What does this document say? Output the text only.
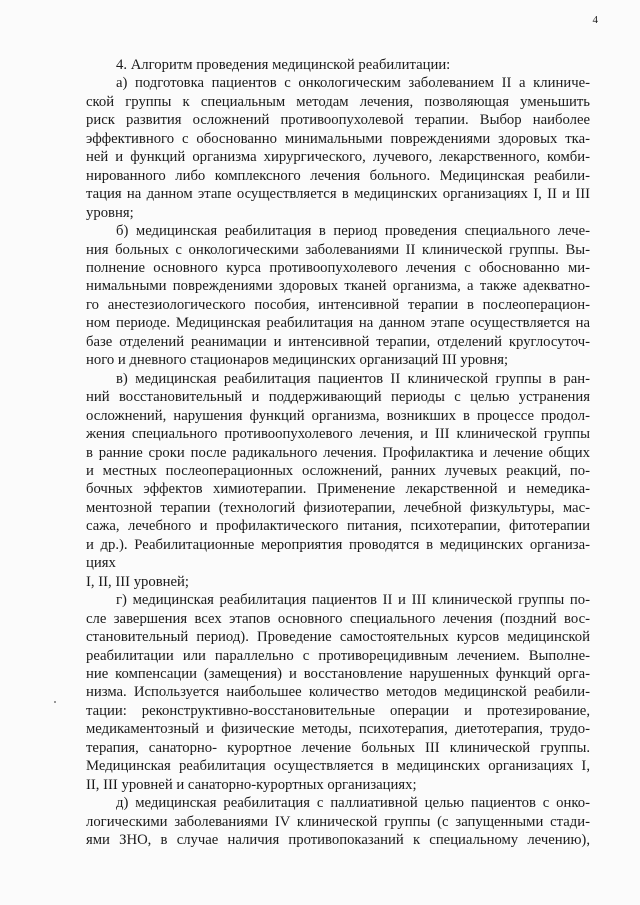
4
4. Алгоритм проведения медицинской реабилитации:
а) подготовка пациентов с онкологическим заболеванием II а клиниче-
ской группы к специальным методам лечения, позволяющая уменьшить
риск развития осложнений противоопухолевой терапии. Выбор наиболее
эффективного с обоснованно минимальными повреждениями здоровых тка-
ней и функций организма хирургического, лучевого, лекарственного, комби-
нированного либо комплексного лечения больного. Медицинская реабили-
тация на данном этапе осуществляется в медицинских организациях I, II и III
уровня;
б) медицинская реабилитация в период проведения специального лече-
ния больных с онкологическими заболеваниями II клинической группы. Вы-
полнение основного курса противоопухолевого лечения с обоснованно ми-
нимальными повреждениями здоровых тканей организма, а также адекватно-
го анестезиологического пособия, интенсивной терапии в послеоперацион-
ном периоде. Медицинская реабилитация на данном этапе осуществляется на
базе отделений реанимации и интенсивной терапии, отделений круглосуточ-
ного и дневного стационаров медицинских организаций III уровня;
в) медицинская реабилитация пациентов II клинической группы в ран-
ний восстановительный и поддерживающий периоды с целью устранения
осложнений, нарушения функций организма, возникших в процессе продол-
жения специального противоопухолевого лечения, и III клинической группы
в ранние сроки после радикального лечения. Профилактика и лечение общих
и местных послеоперационных осложнений, ранних лучевых реакций, по-
бочных эффектов химиотерапии. Применение лекарственной и немедика-
ментозной терапии (технологий физиотерапии, лечебной физкультуры, мас-
сажа, лечебного и профилактического питания, психотерапии, фитотерапии
и др.). Реабилитационные мероприятия проводятся в медицинских организа-
циях
I, II, III уровней;
г) медицинская реабилитация пациентов II и III клинической группы по-
сле завершения всех этапов основного специального лечения (поздний вос-
становительный период). Проведение самостоятельных курсов медицинской
реабилитации или параллельно с противорецидивным лечением. Выполне-
ние компенсации (замещения) и восстановление нарушенных функций орга-
низма. Используется наибольшее количество методов медицинской реабили-
тации: реконструктивно-восстановительные операции и протезирование,
медикаментозный и физические методы, психотерапия, диетотерапия, трудо-
терапия, санаторно- курортное лечение больных III клинической группы.
Медицинская реабилитация осуществляется в медицинских организациях I,
II, III уровней и санаторно-курортных организациях;
д) медицинская реабилитация с паллиативной целью пациентов с онко-
логическими заболеваниями IV клинической группы (с запущенными стади-
ями ЗНО, в случае наличия противопоказаний к специальному лечению),
